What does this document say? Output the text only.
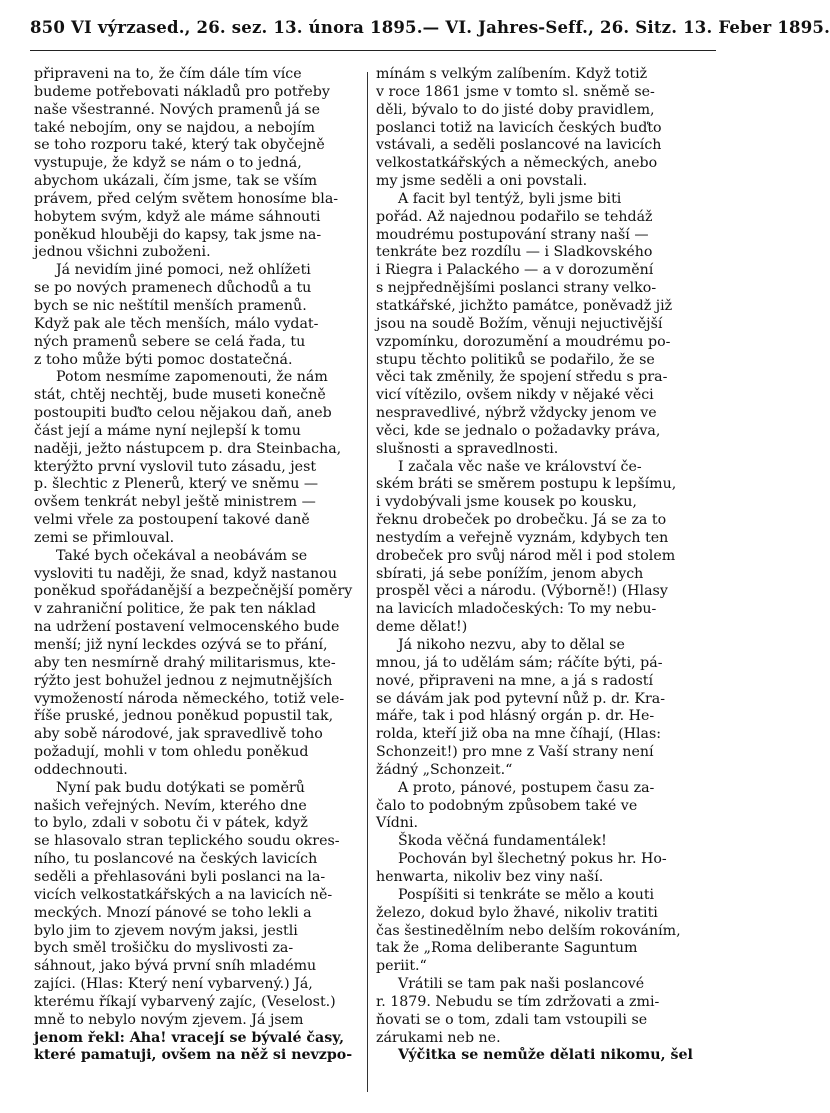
850 VI výrzased., 26. sez. 13. února 1895.— VI. Jahres-Seff., 26. Sitz. 13. Feber 1895.
připraveni na to, že čím dále tím více
budeme potřebovati nákladů pro potřeby
naše všestranné. Nových pramenů já se
také nebojím, ony se najdou, a nebojím
se toho rozporu také, který tak obyčejně
vystupuje, že když se nám o to jedná,
abychom ukázali, čím jsme, tak se vším
právem, před celým světem honosíme bla-
hobytem svým, když ale máme sáhnouti
poněkud hlouběji do kapsy, tak jsme na-
jednou všichni zuboženi.
Já nevidím jiné pomoci, než ohlížeti
se po nových pramenech důchodů a tu
bych se nic neštítil menších pramenů.
Když pak ale těch menších, málo vydat-
ných pramenů sebere se celá řada, tu
z toho může býti pomoc dostatečná.
Potom nesmíme zapomenouti, že nám
stát, chtěj nechtěj, bude museti konečně
postoupiti buďto celou nějakou daň, aneb
část její a máme nyní nejlepší k tomu
naději, ježto nástupcem p. dra Steinbacha,
kterýžto první vyslovil tuto zásadu, jest
p. šlechtic z Plenerů, který ve sněmu —
ovšem tenkrát nebyl ještě ministrem —
velmi vřele za postoupení takové daně
zemi se přimlouval.
Také bych očekával a neobávám se
vysloviti tu naději, že snad, když nastanou
poněkud spořádanější a bezpečnější poměry
v zahraniční politice, že pak ten náklad
na udržení postavení velmocenského bude
menší; již nyní leckdes ozývá se to přání,
aby ten nesmírně drahý militarismus, kte-
rýžto jest bohužel jednou z nejmutnějších
vymožeností národa německého, totiž vele-
říše pruské, jednou poněkud popustil tak,
aby sobě národové, jak spravedlivě toho
požadují, mohli v tom ohledu poněkud
oddechnouti.
Nyní pak budu dotýkati se poměrů
našich veřejných. Nevím, kterého dne
to bylo, zdali v sobotu či v pátek, když
se hlasovalo stran teplického soudu okres-
ního, tu poslancové na českých lavicích
seděli a přehlasováni byli poslanci na la-
vicích velkostatkářských a na lavicích ně-
meckých. Mnozí pánové se toho lekli a
bylo jim to zjevem novým jaksi, jestli
bych směl trošičku do myslivosti za-
sáhnout, jako bývá první sníh mladému
zajíci. (Hlas: Který není vybarvený.) Já,
kterému říkají vybarvený zajíc, (Veselost.)
mně to nebylo novým zjevem. Já jsem
jenom řekl: Aha! vracejí se bývalé časy,
které pamatuji, ovšem na něž si nevzpo-
mínám s velkým zalíbením. Když totiž
v roce 1861 jsme v tomto sl. sněmě se-
děli, bývalo to do jisté doby pravidlem,
poslanci totiž na lavicích českých buďto
vstávali, a seděli poslancové na lavicích
velkostatkářských a německých, anebo
my jsme seděli a oni povstali.
A facit byl tentýž, byli jsme biti
pořád. Až najednou podařilo se tehdáž
moudrému postupování strany naší —
tenkráte bez rozdílu — i Sladkovského
i Riegra i Palackého — a v dorozumění
s nejpřednějšími poslanci strany velko-
statkářské, jichžto památce, poněvadž již
jsou na soudě Božím, věnuji nejuctivější
vzpomínku, dorozumění a moudrému po-
stupu těchto politiků se podařilo, že se
věci tak změnily, že spojení středu s pra-
vicí vítězilo, ovšem nikdy v nějaké věci
nespravedlivé, nýbrž vždycky jenom ve
věci, kde se jednalo o požadavky práva,
slušnosti a spravedlnosti.
I začala věc naše ve království če-
ském bráti se směrem postupu k lepšímu,
i vydobývali jsme kousek po kousku,
řeknu drobeček po drobečku. Já se za to
nestydím a veřejně vyznám, kdybych ten
drobeček pro svůj národ měl i pod stolem
sbírati, já sebe ponížím, jenom abych
prospěl věci a národu. (Výborně!) (Hlasy
na lavicích mladočeských: To my nebu-
deme dělat!)
Já nikoho nezvu, aby to dělal se
mnou, já to udělám sám; ráčíte býti, pá-
nové, připraveni na mne, a já s radostí
se dávám jak pod pytevní nůž p. dr. Kra-
máře, tak i pod hlásný orgán p. dr. He-
rolda, kteří již oba na mne číhají, (Hlas:
Schonzeit!) pro mne z Vaší strany není
žádný „Schonzeit.“
A proto, pánové, postupem času za-
čalo to podobným způsobem také ve
Vídni.
Škoda věčná fundamentálek!
Pochován byl šlechetný pokus hr. Ho-
henwarta, nikoliv bez viny naší.
Pospíšiti si tenkráte se mělo a kouti
železo, dokud bylo žhavé, nikoliv tratiti
čas šestinedělním nebo delším rokováním,
tak že „Roma deliberante Saguntum
periit.“
Vrátili se tam pak naši poslancové
r. 1879. Nebudu se tím zdržovati a zmi-
ňovati se o tom, zdali tam vstoupili se
zárukami neb ne.
Výčitka se nemůže dělati nikomu, šel
